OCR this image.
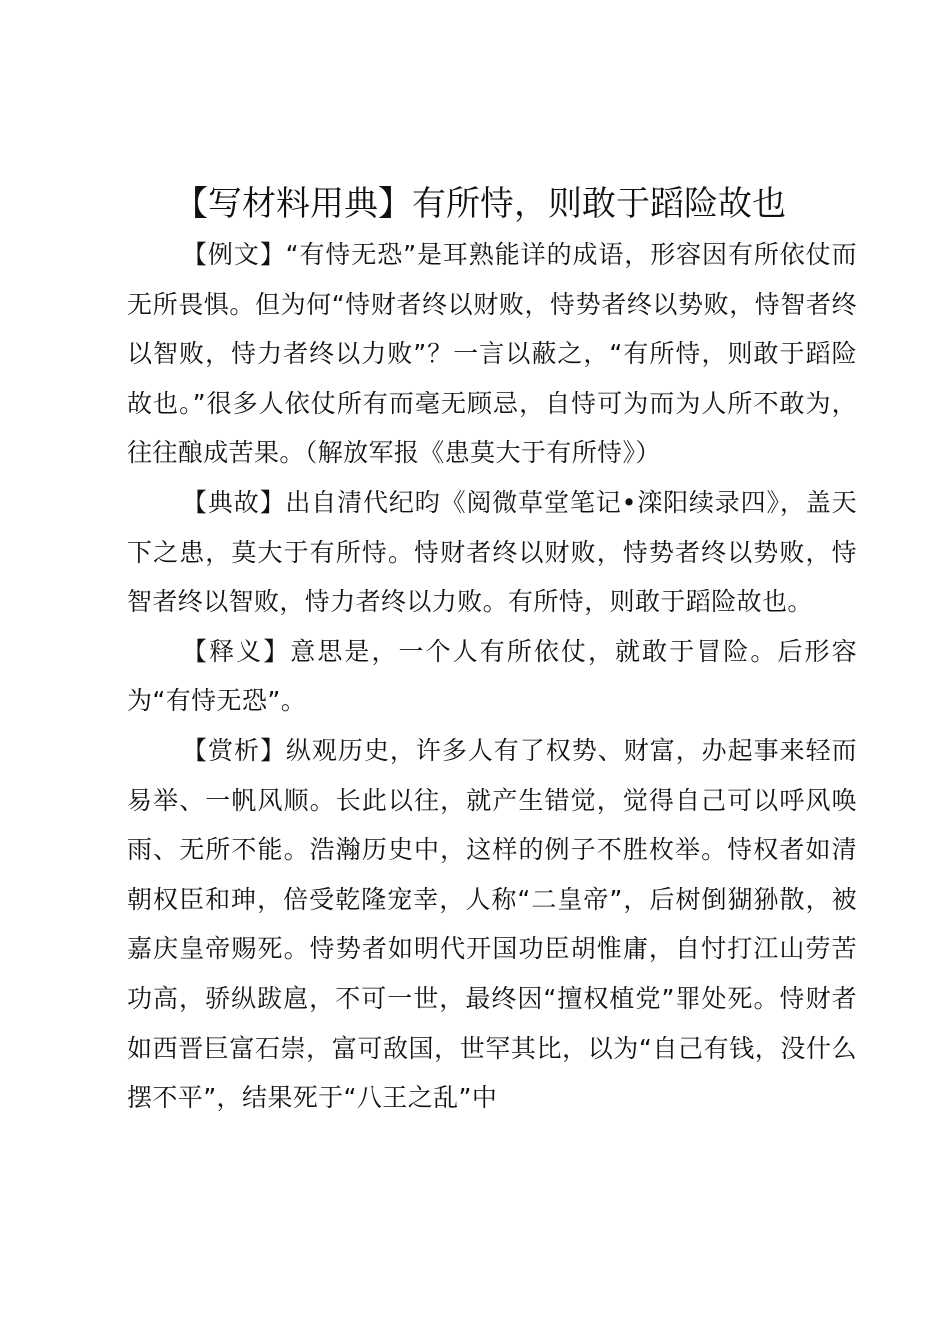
【写材料用典】有所恃，则敢于蹈险故也

【例文】“有恃无恐”是耳熟能详的成语，形容因有所依仗而无所畏惧。但为何“恃财者终以财败，恃势者终以势败，恃智者终以智败，恃力者终以力败”？一言以蔽之，“有所恃，则敢于蹈险故也。”很多人依仗所有而毫无顾忌，自恃可为而为人所不敢为，往往酿成苦果。（解放军报《患莫大于有所恃》）

【典故】出自清代纪昀《阅微草堂笔记•滦阳续录四》，盖天下之患，莫大于有所恃。恃财者终以财败，恃势者终以势败，恃智者终以智败，恃力者终以力败。有所恃，则敢于蹈险故也。

【释义】意思是，一个人有所依仗，就敢于冒险。后形容为“有恃无恐”。

【赏析】纵观历史，许多人有了权势、财富，办起事来轻而易举、一帆风顺。长此以往，就产生错觉，觉得自己可以呼风唤雨、无所不能。浩瀚历史中，这样的例子不胜枚举。恃权者如清朝权臣和珅，倍受乾隆宠幸，人称“二皇帝”，后树倒猢狲散，被嘉庆皇帝赐死。恃势者如明代开国功臣胡惟庸，自忖打江山劳苦功高，骄纵跋扈，不可一世，最终因“擅权植党”罪处死。恃财者如西晋巨富石崇，富可敌国，世罕其比，以为“自己有钱，没什么摆不平”，结果死于“八王之乱”中
